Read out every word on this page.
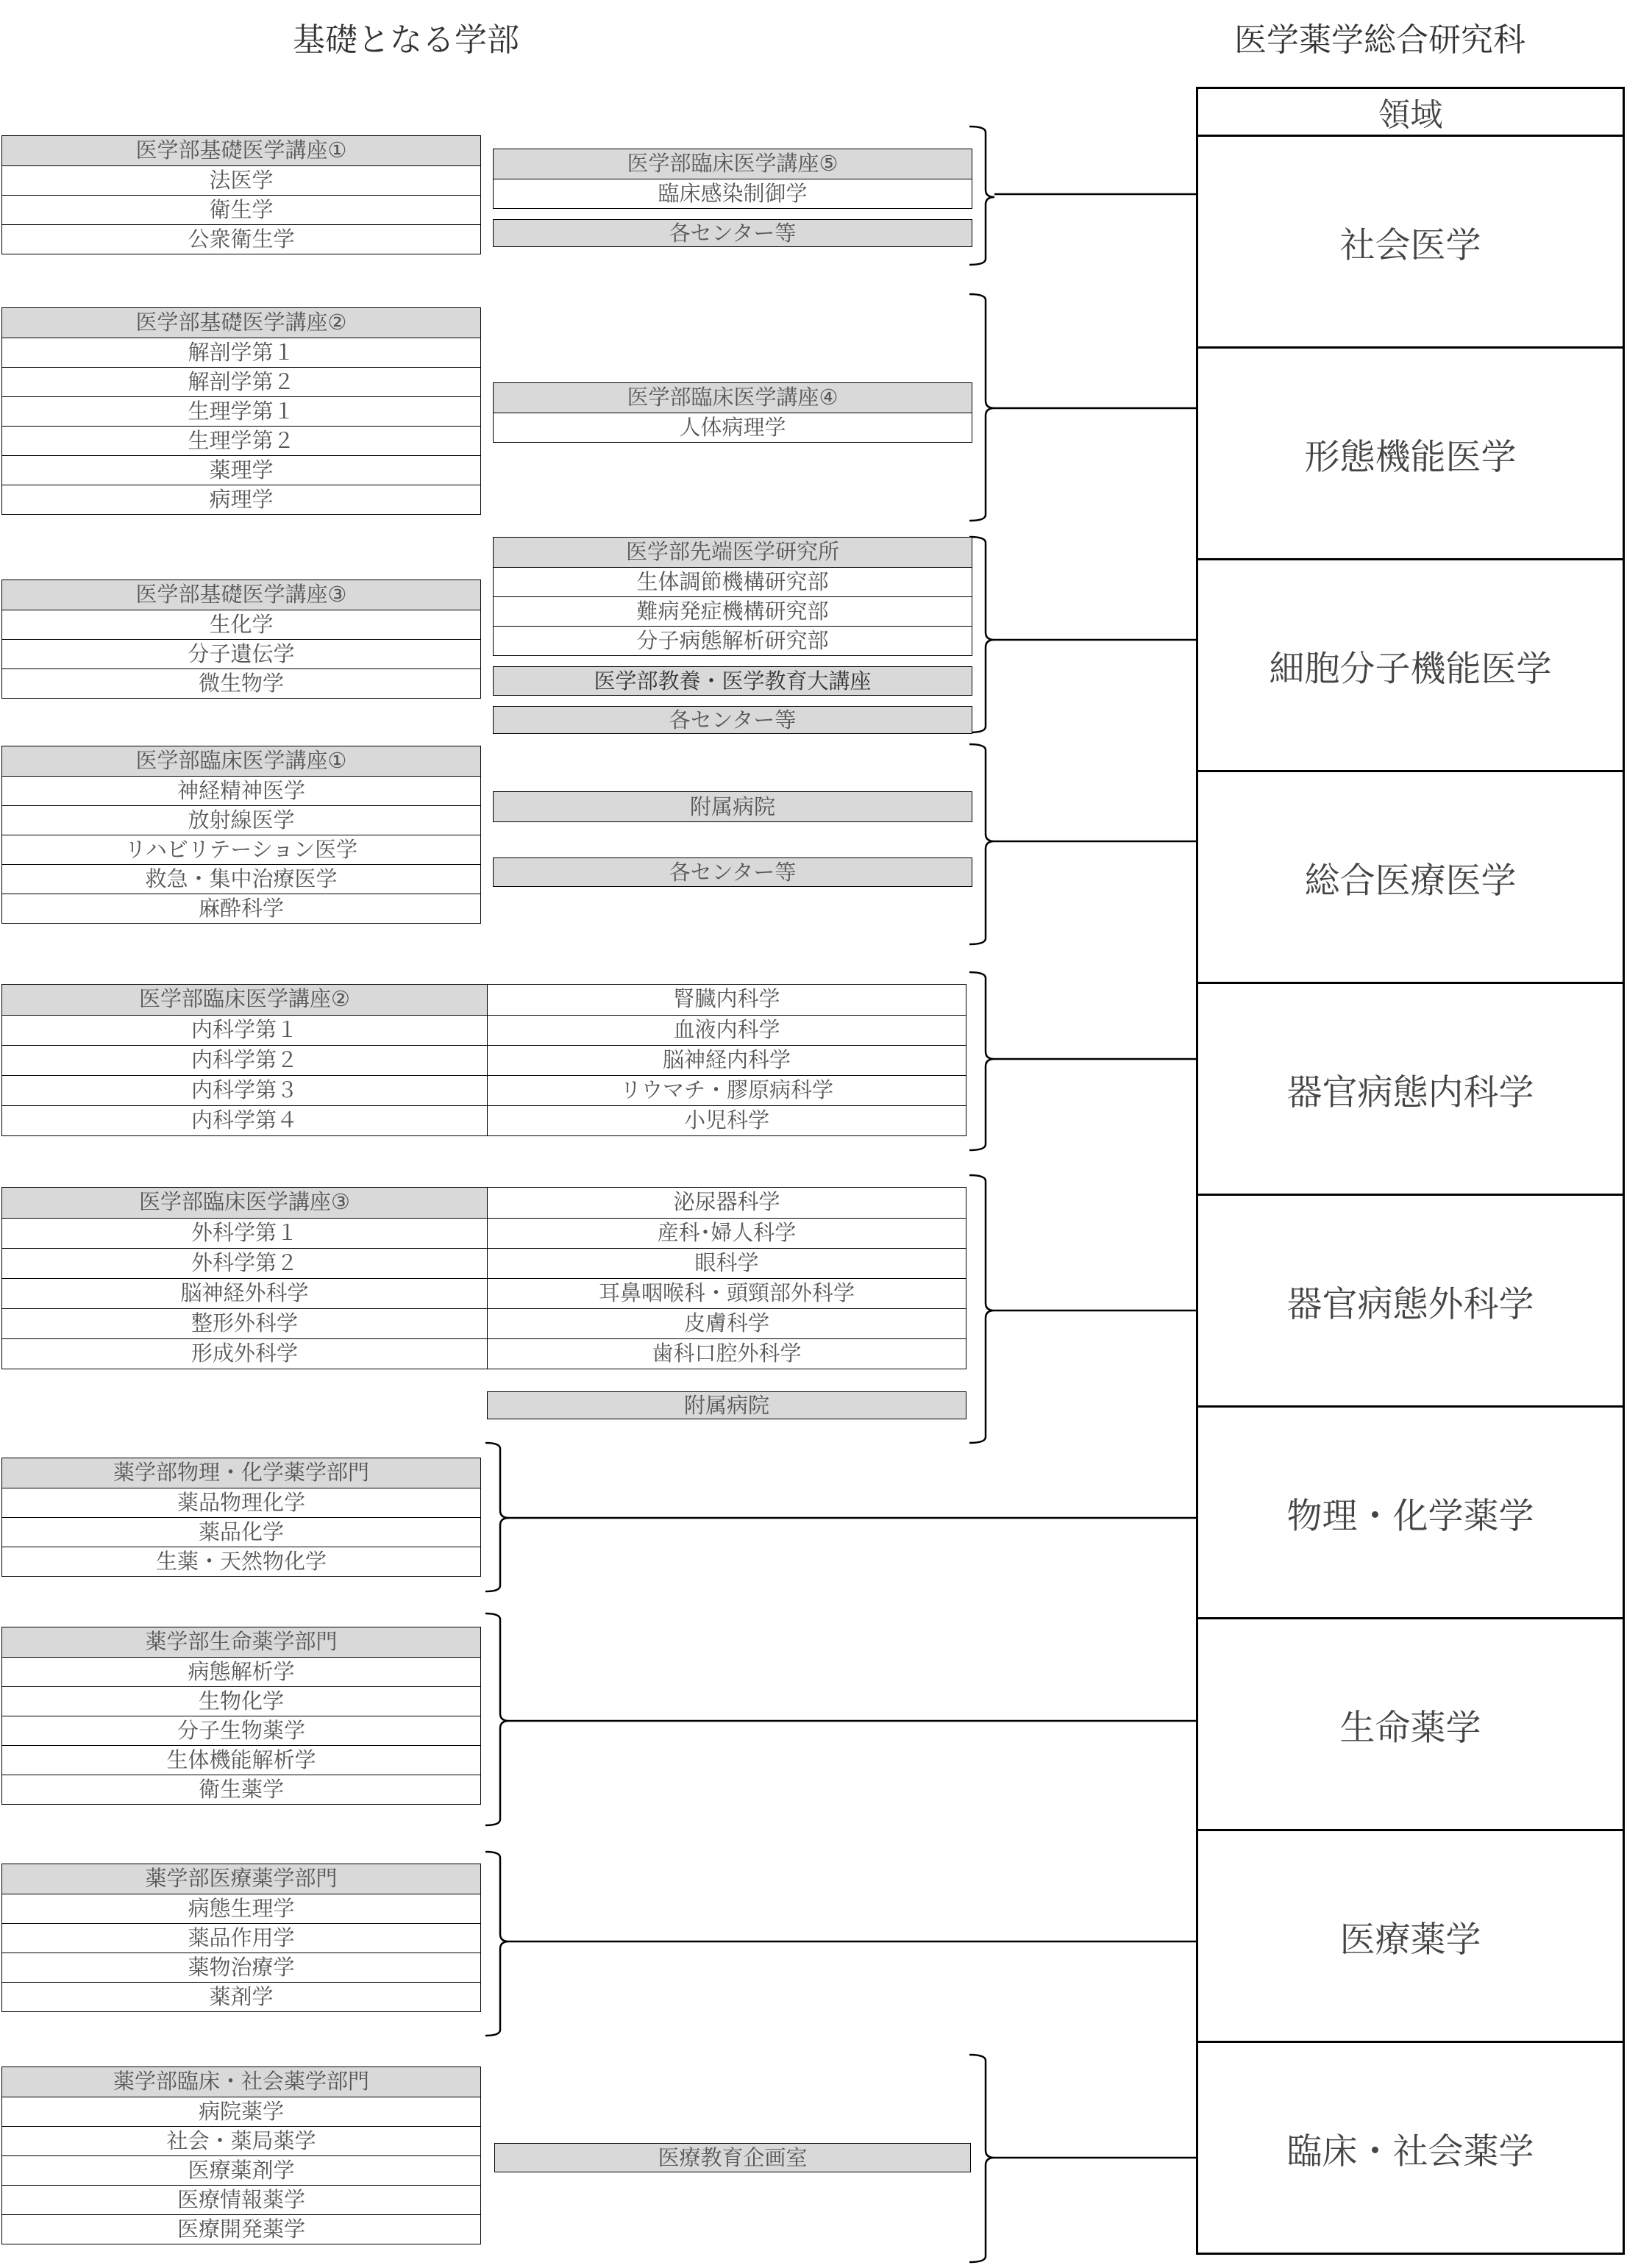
基礎となる学部	医学薬学総合研究科
医学部基礎医学講座①
法医学
衛生学
公衆衛生学
医学部臨床医学講座⑤
臨床感染制御学
各センター等
医学部基礎医学講座②
解剖学第１
解剖学第２
生理学第１
生理学第２
薬理学
病理学
医学部臨床医学講座④
人体病理学
医学部基礎医学講座③
生化学
分子遺伝学
微生物学
医学部先端医学研究所
生体調節機構研究部
難病発症機構研究部
分子病態解析研究部
医学部教養・医学教育大講座
各センター等
医学部臨床医学講座①
神経精神医学
放射線医学
リハビリテーション医学
救急・集中治療医学
麻酔科学
附属病院
各センター等
医学部臨床医学講座②	腎臓内科学
内科学第１	血液内科学
内科学第２	脳神経内科学
内科学第３	リウマチ・膠原病科学
内科学第４	小児科学
医学部臨床医学講座③	泌尿器科学
外科学第１	産科･婦人科学
外科学第２	眼科学
脳神経外科学	耳鼻咽喉科・頭頸部外科学
整形外科学	皮膚科学
形成外科学	歯科口腔外科学
附属病院
薬学部物理・化学薬学部門
薬品物理化学
薬品化学
生薬・天然物化学
薬学部生命薬学部門
病態解析学
生物化学
分子生物薬学
生体機能解析学
衛生薬学
薬学部医療薬学部門
病態生理学
薬品作用学
薬物治療学
薬剤学
薬学部臨床・社会薬学部門
病院薬学
社会・薬局薬学
医療薬剤学
医療情報薬学
医療開発薬学
医療教育企画室
領域
社会医学
形態機能医学
細胞分子機能医学
総合医療医学
器官病態内科学
器官病態外科学
物理・化学薬学
生命薬学
医療薬学
臨床・社会薬学
